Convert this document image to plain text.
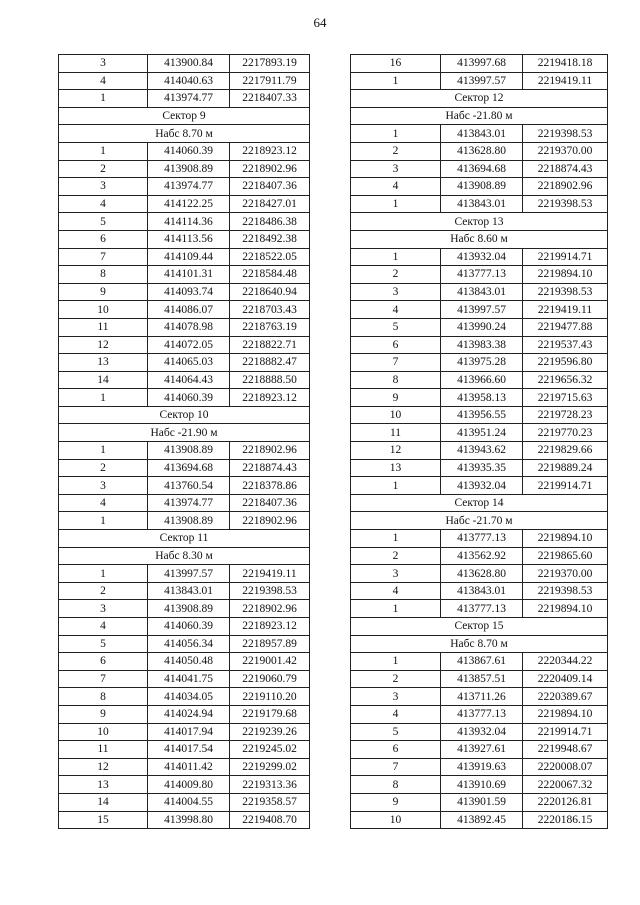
64
3	413900.84	2217893.19
4	414040.63	2217911.79
1	413974.77	2218407.33
Сектор 9		
Набс 8.70 м		
1	414060.39	2218923.12
2	413908.89	2218902.96
3	413974.77	2218407.36
4	414122.25	2218427.01
5	414114.36	2218486.38
6	414113.56	2218492.38
7	414109.44	2218522.05
8	414101.31	2218584.48
9	414093.74	2218640.94
10	414086.07	2218703.43
11	414078.98	2218763.19
12	414072.05	2218822.71
13	414065.03	2218882.47
14	414064.43	2218888.50
1	414060.39	2218923.12
Сектор 10		
Набс -21.90 м		
1	413908.89	2218902.96
2	413694.68	2218874.43
3	413760.54	2218378.86
4	413974.77	2218407.36
1	413908.89	2218902.96
Сектор 11		
Набс 8.30 м		
1	413997.57	2219419.11
2	413843.01	2219398.53
3	413908.89	2218902.96
4	414060.39	2218923.12
5	414056.34	2218957.89
6	414050.48	2219001.42
7	414041.75	2219060.79
8	414034.05	2219110.20
9	414024.94	2219179.68
10	414017.94	2219239.26
11	414017.54	2219245.02
12	414011.42	2219299.02
13	414009.80	2219313.36
14	414004.55	2219358.57
15	413998.80	2219408.70
16	413997.68	2219418.18
1	413997.57	2219419.11
Сектор 12		
Набс -21.80 м		
1	413843.01	2219398.53
2	413628.80	2219370.00
3	413694.68	2218874.43
4	413908.89	2218902.96
1	413843.01	2219398.53
Сектор 13		
Набс 8.60 м		
1	413932.04	2219914.71
2	413777.13	2219894.10
3	413843.01	2219398.53
4	413997.57	2219419.11
5	413990.24	2219477.88
6	413983.38	2219537.43
7	413975.28	2219596.80
8	413966.60	2219656.32
9	413958.13	2219715.63
10	413956.55	2219728.23
11	413951.24	2219770.23
12	413943.62	2219829.66
13	413935.35	2219889.24
1	413932.04	2219914.71
Сектор 14		
Набс -21.70 м		
1	413777.13	2219894.10
2	413562.92	2219865.60
3	413628.80	2219370.00
4	413843.01	2219398.53
1	413777.13	2219894.10
Сектор 15		
Набс 8.70 м		
1	413867.61	2220344.22
2	413857.51	2220409.14
3	413711.26	2220389.67
4	413777.13	2219894.10
5	413932.04	2219914.71
6	413927.61	2219948.67
7	413919.63	2220008.07
8	413910.69	2220067.32
9	413901.59	2220126.81
10	413892.45	2220186.15
